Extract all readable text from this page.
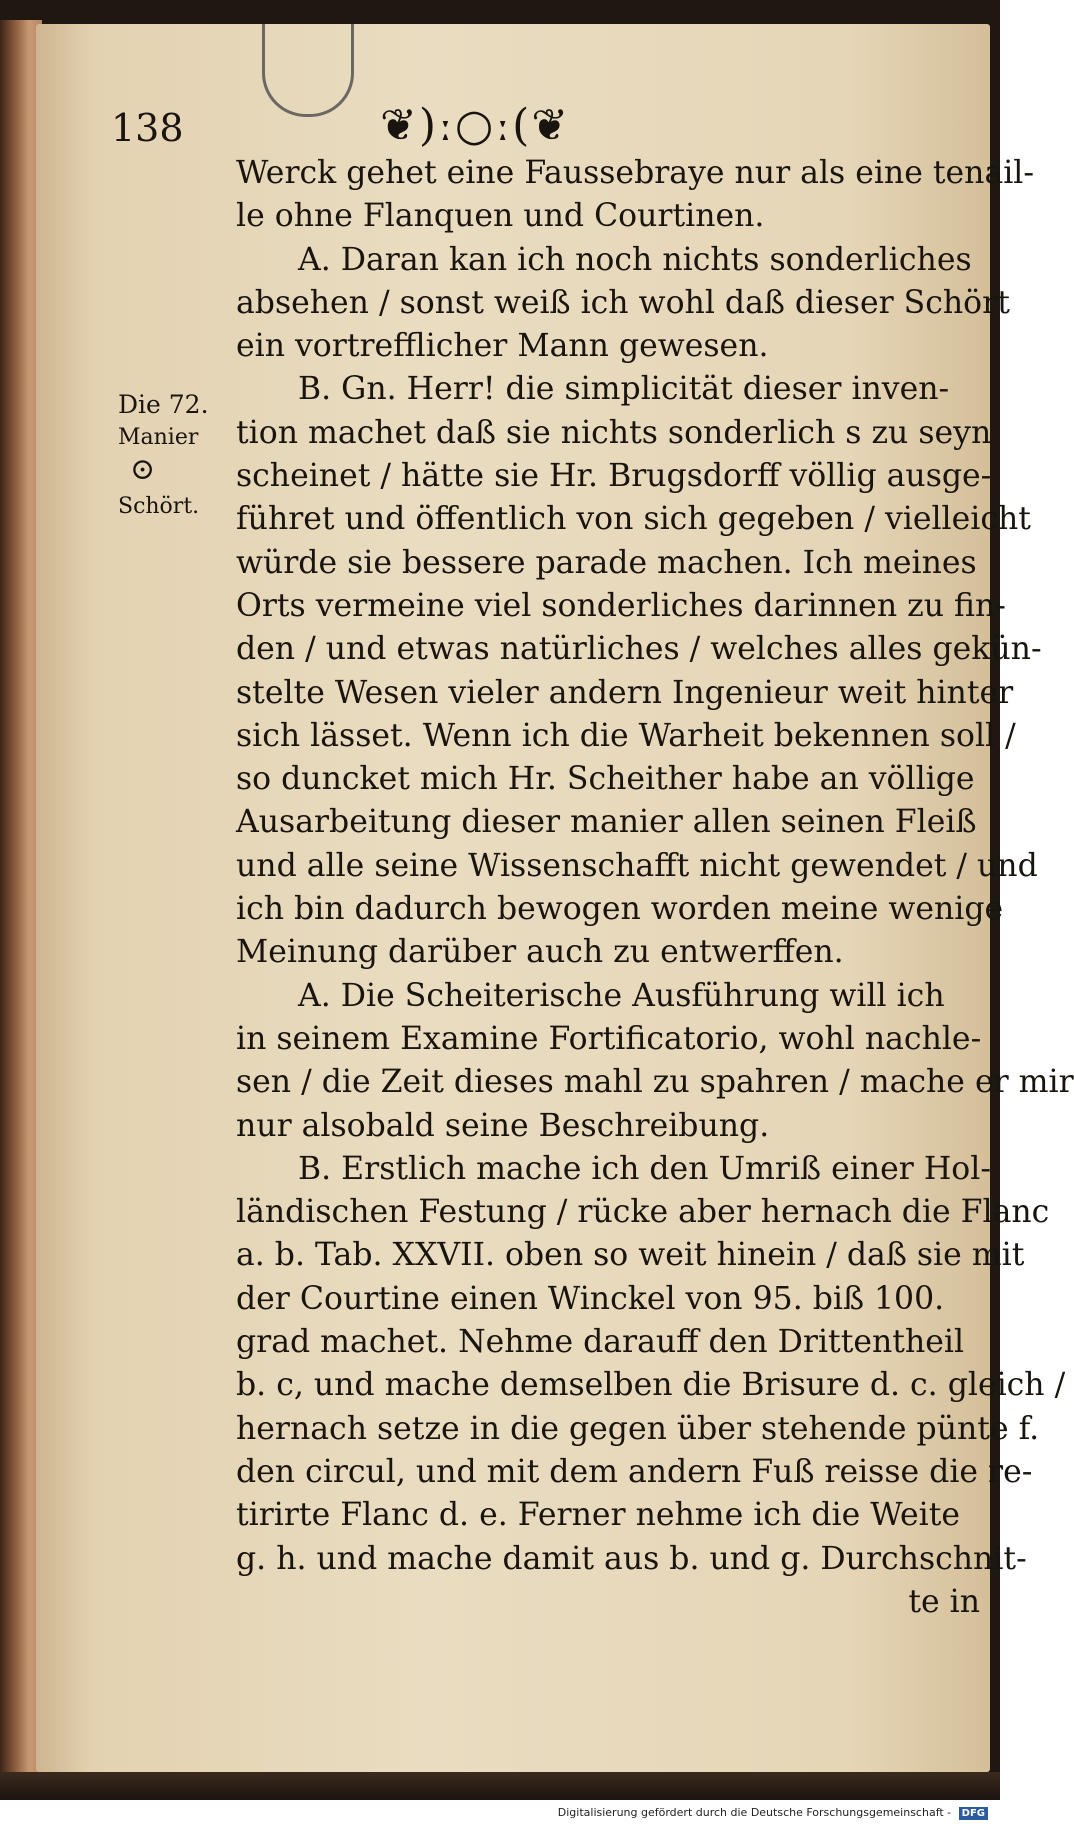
138	❦)ː○ː(❦
Die 72.
Manier
⊙
Schört.
Werck gehet eine Faussebraye nur als eine tenail-
le ohne Flanquen und Courtinen.
A. Daran kan ich noch nichts sonderliches
absehen / sonst weiß ich wohl daß dieser Schört
ein vortrefflicher Mann gewesen.
B. Gn. Herr! die simplicität dieser inven-
tion machet daß sie nichts sonderlich s zu seyn
scheinet / hätte sie Hr. Brugsdorff völlig ausge-
führet und öffentlich von sich gegeben / vielleicht
würde sie bessere parade machen. Ich meines
Orts vermeine viel sonderliches darinnen zu fin-
den / und etwas natürliches / welches alles gekün-
stelte Wesen vieler andern Ingenieur weit hinter
sich lässet. Wenn ich die Warheit bekennen soll /
so duncket mich Hr. Scheither habe an völlige
Ausarbeitung dieser manier allen seinen Fleiß
und alle seine Wissenschafft nicht gewendet / und
ich bin dadurch bewogen worden meine wenige
Meinung darüber auch zu entwerffen.
A. Die Scheiterische Ausführung will ich
in seinem Examine Fortificatorio, wohl nachle-
sen / die Zeit dieses mahl zu spahren / mache er mir
nur alsobald seine Beschreibung.
B. Erstlich mache ich den Umriß einer Hol-
ländischen Festung / rücke aber hernach die Flanc
a. b. Tab. XXVII. oben so weit hinein / daß sie mit
der Courtine einen Winckel von 95. biß 100.
grad machet. Nehme darauff den Drittentheil
b. c, und mache demselben die Brisure d. c. gleich /
hernach setze in die gegen über stehende pünte f.
den circul, und mit dem andern Fuß reisse die re-
tirirte Flanc d. e. Ferner nehme ich die Weite
g. h. und mache damit aus b. und g. Durchschnit-
te in
Digitalisierung gefördert durch die Deutsche Forschungsgemeinschaft - DFG
